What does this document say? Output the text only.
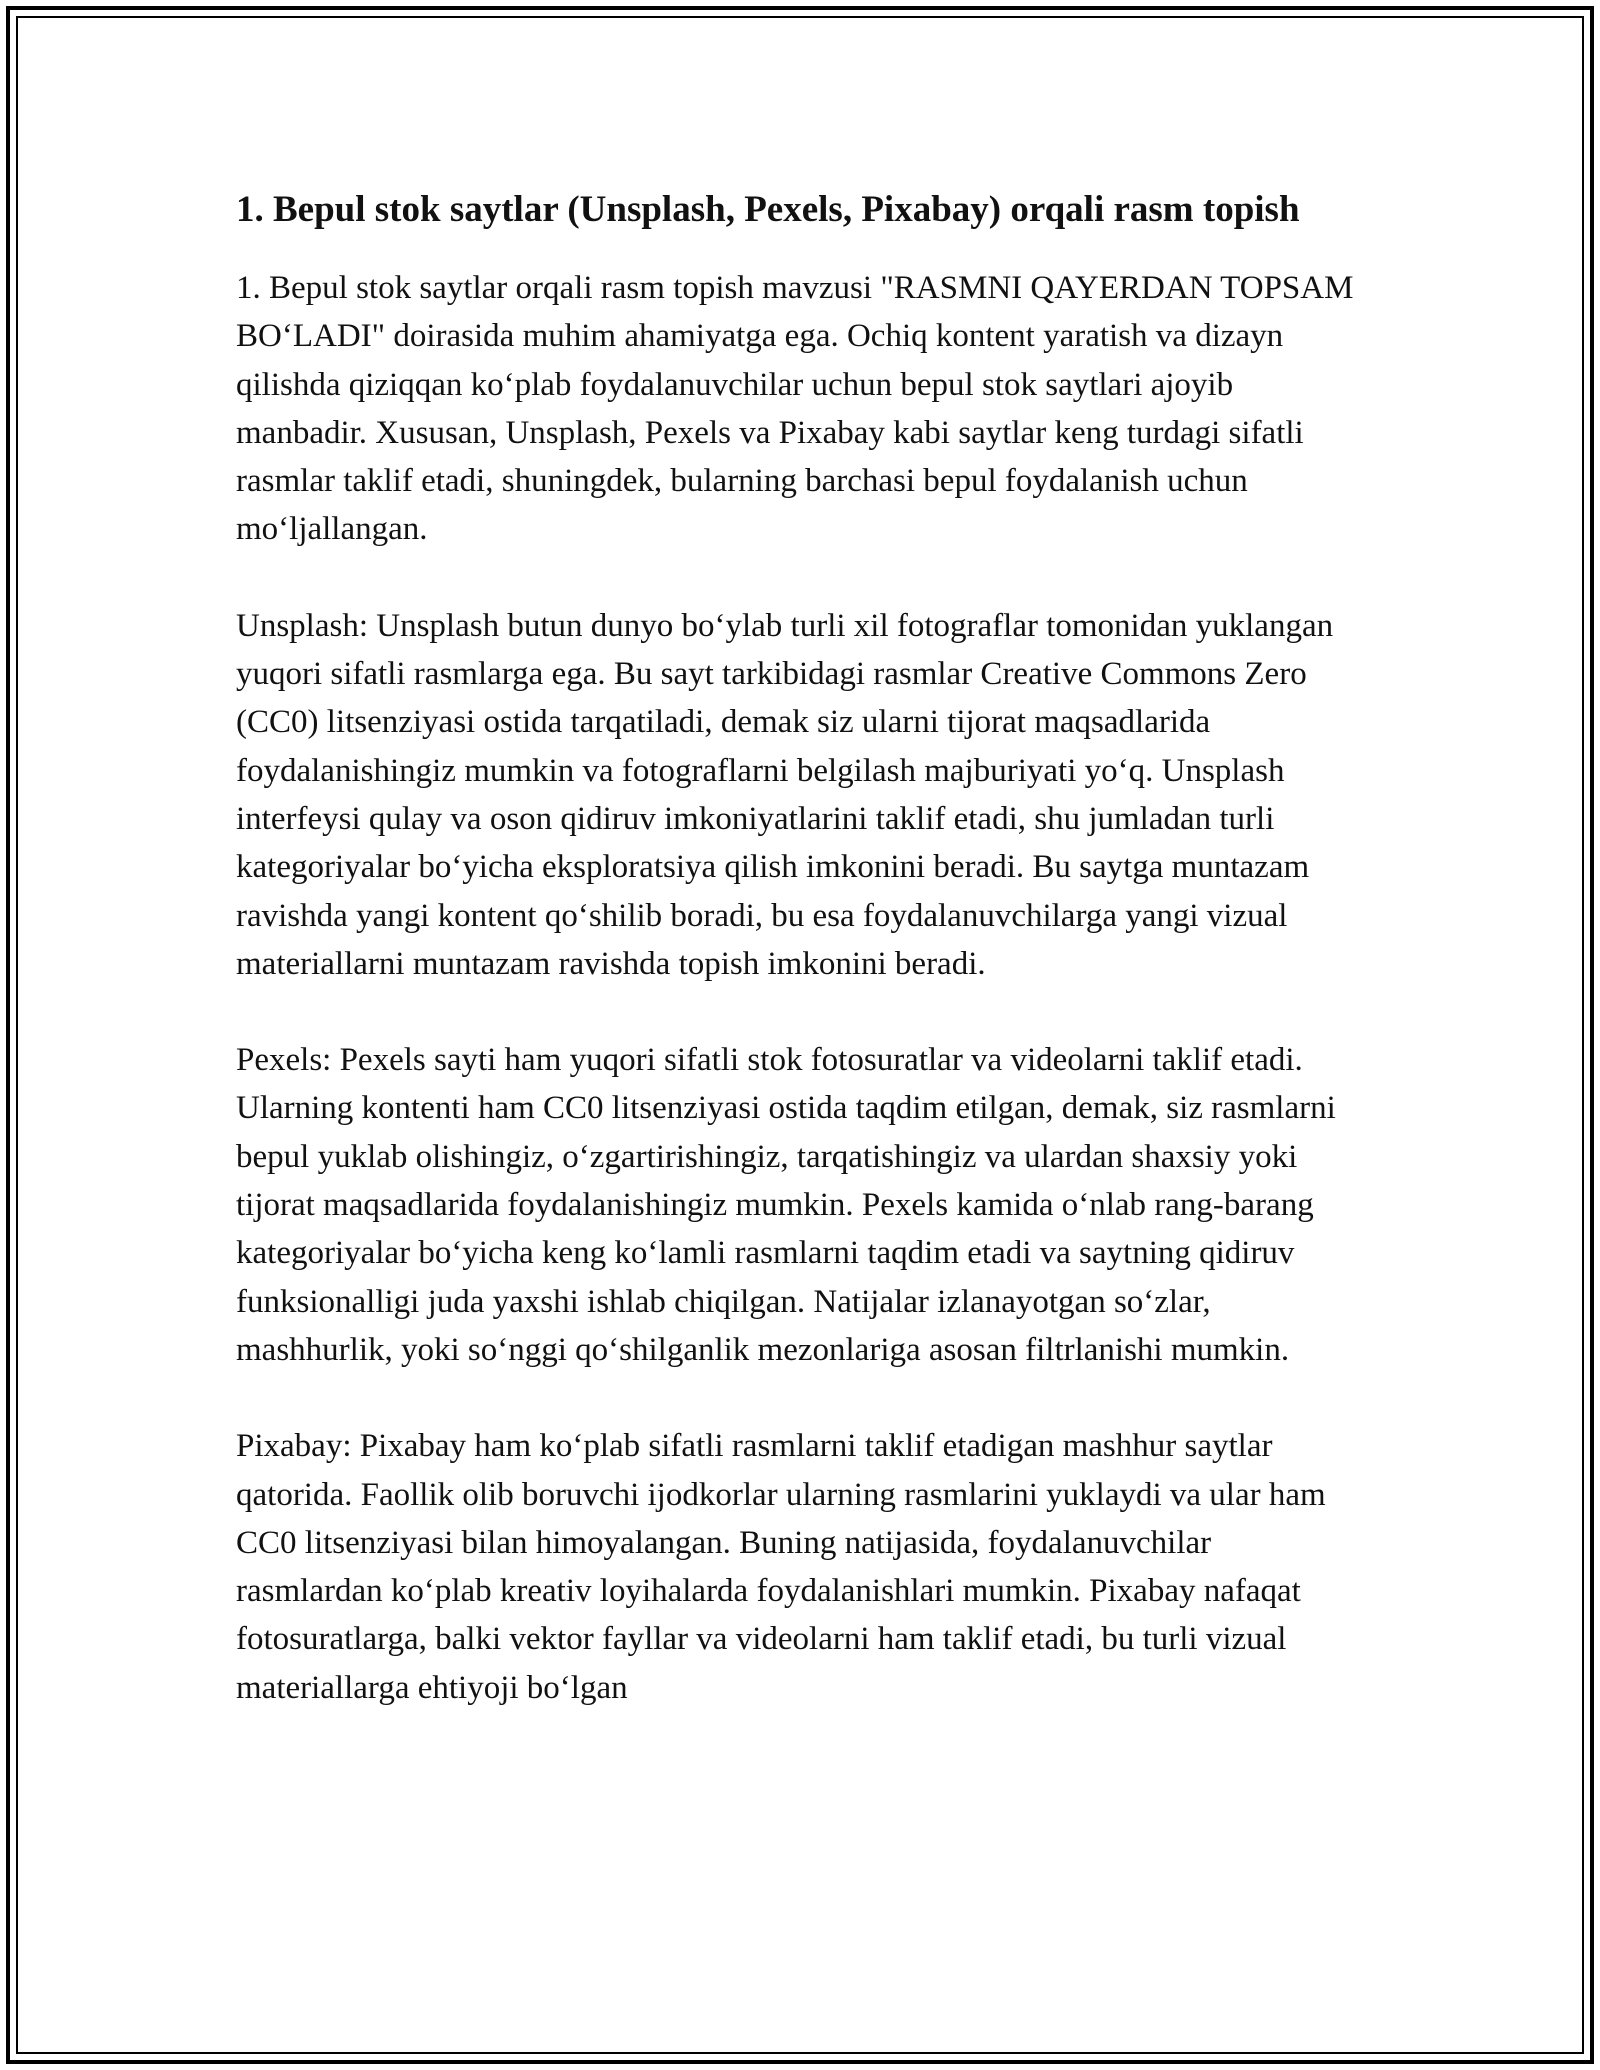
1. Bepul stok saytlar (Unsplash, Pexels, Pixabay) orqali rasm topish

1. Bepul stok saytlar orqali rasm topish mavzusi "RASMNI QAYERDAN TOPSAM BO‘LADI" doirasida muhim ahamiyatga ega. Ochiq kontent yaratish va dizayn qilishda qiziqqan ko‘plab foydalanuvchilar uchun bepul stok saytlari ajoyib manbadir. Xususan, Unsplash, Pexels va Pixabay kabi saytlar keng turdagi sifatli rasmlar taklif etadi, shuningdek, bularning barchasi bepul foydalanish uchun mo‘ljallangan.

Unsplash: Unsplash butun dunyo bo‘ylab turli xil fotograflar tomonidan yuklangan yuqori sifatli rasmlarga ega. Bu sayt tarkibidagi rasmlar Creative Commons Zero (CC0) litsenziyasi ostida tarqatiladi, demak siz ularni tijorat maqsadlarida foydalanishingiz mumkin va fotograflarni belgilash majburiyati yo‘q. Unsplash interfeysi qulay va oson qidiruv imkoniyatlarini taklif etadi, shu jumladan turli kategoriyalar bo‘yicha eksploratsiya qilish imkonini beradi. Bu saytga muntazam ravishda yangi kontent qo‘shilib boradi, bu esa foydalanuvchilarga yangi vizual materiallarni muntazam ravishda topish imkonini beradi.

Pexels: Pexels sayti ham yuqori sifatli stok fotosuratlar va videolarni taklif etadi. Ularning kontenti ham CC0 litsenziyasi ostida taqdim etilgan, demak, siz rasmlarni bepul yuklab olishingiz, o‘zgartirishingiz, tarqatishingiz va ulardan shaxsiy yoki tijorat maqsadlarida foydalanishingiz mumkin. Pexels kamida o‘nlab rang-barang kategoriyalar bo‘yicha keng ko‘lamli rasmlarni taqdim etadi va saytning qidiruv funksionalligi juda yaxshi ishlab chiqilgan. Natijalar izlanayotgan so‘zlar, mashhurlik, yoki so‘nggi qo‘shilganlik mezonlariga asosan filtrlanishi mumkin.

Pixabay: Pixabay ham ko‘plab sifatli rasmlarni taklif etadigan mashhur saytlar qatorida. Faollik olib boruvchi ijodkorlar ularning rasmlarini yuklaydi va ular ham CC0 litsenziyasi bilan himoyalangan. Buning natijasida, foydalanuvchilar rasmlardan ko‘plab kreativ loyihalarda foydalanishlari mumkin. Pixabay nafaqat fotosuratlarga, balki vektor fayllar va videolarni ham taklif etadi, bu turli vizual materiallarga ehtiyoji bo‘lgan
